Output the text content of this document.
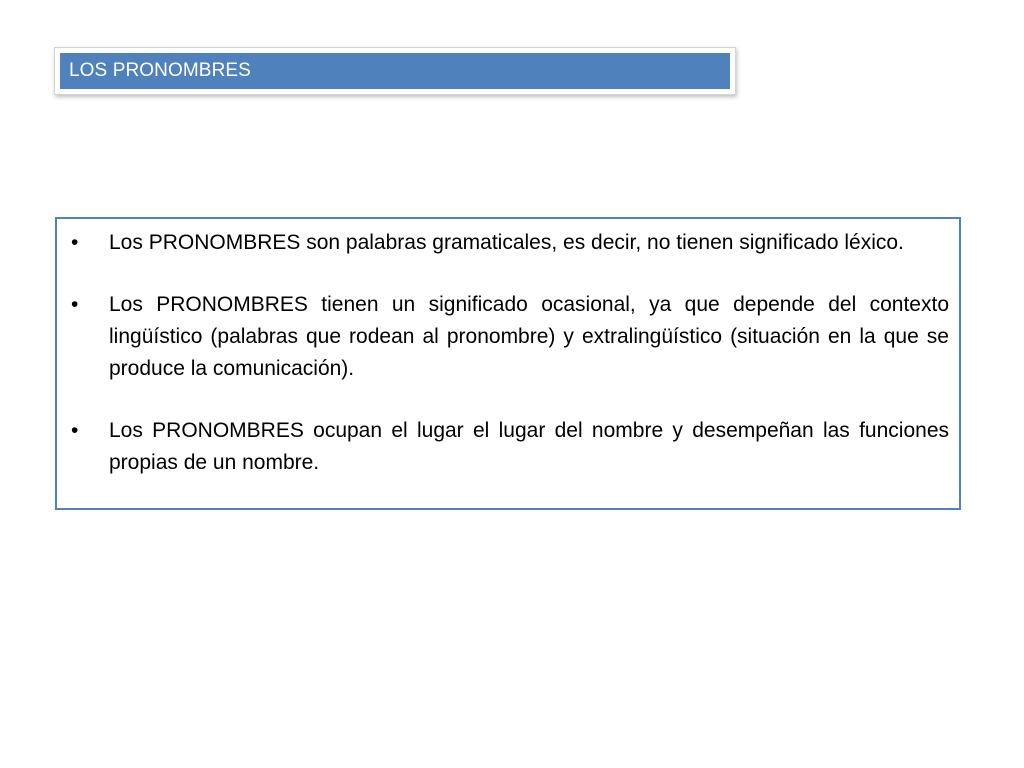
LOS PRONOMBRES
•	Los PRONOMBRES son palabras gramaticales, es decir, no tienen significado léxico.
•	Los PRONOMBRES tienen un significado ocasional, ya que depende del contexto lingüístico (palabras que rodean al pronombre) y extralingüístico (situación en la que se produce la comunicación).
•	Los PRONOMBRES ocupan el lugar el lugar del nombre y desempeñan las funciones propias de un nombre.
